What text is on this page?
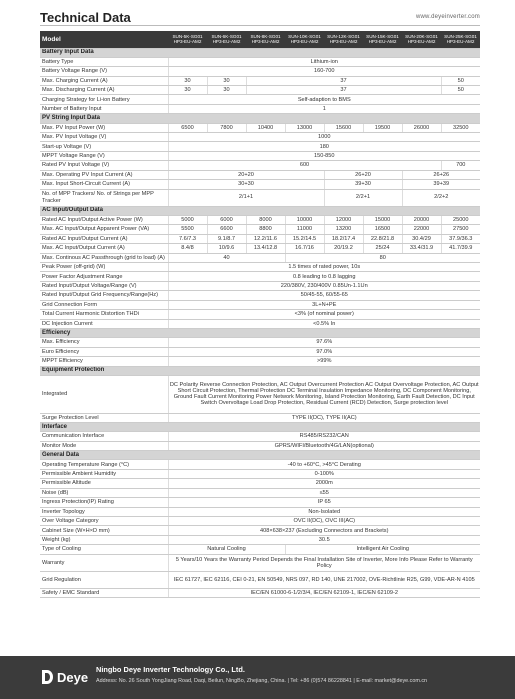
Technical Data	www.deyeinverter.com
Model	SUN-5K-SG01 HP3-EU-AM2	SUN-6K-SG01 HP3-EU-AM2	SUN-8K-SG01 HP3-EU-AM2	SUN-10K-SG01 HP3-EU-AM2	SUN-12K-SG01 HP3-EU-AM2	SUN-15K-SG01 HP3-EU-AM2	SUN-20K-SG01 HP3-EU-AM2	SUN-25K-SG01 HP3-EU-AM2
Battery Input Data								
Battery Type	Lithium-ion							
Battery Voltage Range (V)	160-700							
Max. Charging Current (A)	30	30	37					50
Max. Discharging Current (A)	30	30	37					50
Charging Strategy for Li-ion Battery	Self-adaption to BMS							
Number of Battery Input	1							
PV String Input Data								
Max. PV Input Power (W)	6500	7800	10400	13000	15600	19500	26000	32500
Max. PV Input Voltage (V)	1000							
Start-up Voltage (V)	180							
MPPT Voltage Range (V)	150-850							
Rated PV Input Voltage (V)	600							700
Max. Operating PV Input Current (A)	20+20				26+20		26+26	
Max. Input Short-Circuit Current (A)	30+30				39+30		39+39	
No. of MPP Trackers/ No. of Strings per MPP Tracker	2/1+1				2/2+1		2/2+2	
AC Input/Output Data								
Rated AC Input/Output Active Power (W)	5000	6000	8000	10000	12000	15000	20000	25000
Max. AC Input/Output Apparent Power (VA)	5500	6600	8800	11000	13200	16500	22000	27500
Rated AC Input/Output Current (A)	7.6/7.3	9.1/8.7	12.2/11.6	15.2/14.5	18.2/17.4	22.8/21.8	30.4/29	37.9/36.3
Max. AC Input/Output Current (A)	8.4/8	10/9.6	13.4/12.8	16.7/16	20/19.2	25/24	33.4/31.9	41.7/39.9
Max. Continous AC Passthrough (grid to load) (A)	40			80				
Peak Power (off-grid) (W)	1.5 times of rated power, 10s							
Power Factor Adjustment Range	0.8 leading to 0.8 lagging							
Rated Input/Output Voltage/Range (V)	220/380V, 230/400V 0.85Un-1.1Un							
Rated Input/Output Grid Frequency/Range(Hz)	50/45-55, 60/55-65							
Grid Connection Form	3L+N+PE							
Total Current Harmonic Distortion THDi	<3% (of nominal power)							
DC Injection Current	<0.5% In							
Efficiency								
Max. Efficiency	97.6%							
Euro Efficiency	97.0%							
MPPT Efficiency	>99%							
Equipment Protection								
Integrated	DC Polarity Reverse Connection Protection, AC Output Overcurrent Protection AC Output Overvoltage Protection, AC Output Short Circuit Protection, Thermal Protection DC Terminal Insulation Impedance Monitoring, DC Component Monitoring, Ground Fault Current Monitoring Power Network Monitoring, Island Protection Monitoring, Earth Fault Detection, DC Input Switch Overvoltage Load Drop Protection, Residual Current (RCD) Detection, Surge protection level							
Surge Protection Level	TYPE II(DC), TYPE II(AC)							
Interface								
Communication Interface	RS485/RS232/CAN							
Monitor Mode	GPRS/WIFI/Bluetooth/4G/LAN(optional)							
General Data								
Operating Temperature Range (°C)	-40 to +60°C, >45°C Derating							
Permissible Ambient Humidity	0-100%							
Permissible Altitude	2000m							
Noise (dB)	≤55							
Ingress Protection(IP) Rating	IP 65							
Inverter Topology	Non-Isolated							
Over Voltage Category	OVC II(DC), OVC III(AC)							
Cabinet Size (W×H×D mm)	408×638×237 (Excluding Connectors and Brackets)							
Weight (kg)	30.5							
Type of Cooling	Natural Cooling			Intelligent Air Cooling				
Warranty	5 Years/10 Years the Warranty Period Depends the Final Installation Site of Inverter, More Info Please Refer to Warranty Policy							
Grid Regulation	IEC 61727, IEC 62116, CEI 0-21, EN 50549, NRS 097, RD 140, UNE 217002, OVE-Richtlinie R25, G99, VDE-AR-N 4105							
Safety / EMC Standard	IEC/EN 61000-6-1/2/3/4, IEC/EN 62109-1, IEC/EN 62109-2							
Deye Ningbo Deye Inverter Technology Co., Ltd.
Address: No. 26 South YongJiang Road, Daqi, Beilun, NingBo, Zhejiang, China. | Tel: +86 (0)574 86228841 | E-mail: market@deye.com.cn
